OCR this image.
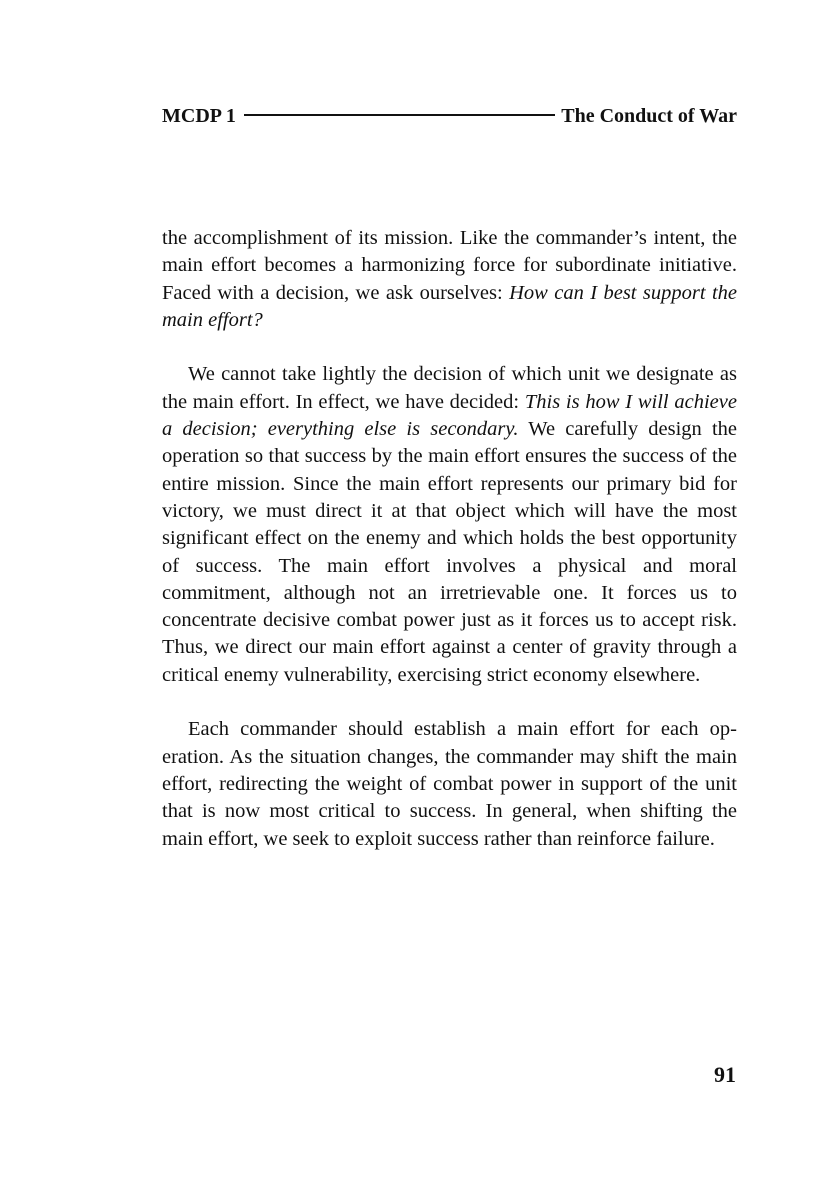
MCDP 1	The Conduct of War

the accomplishment of its mission. Like the commander’s intent, the main effort becomes a harmonizing force for subordinate initiative. Faced with a decision, we ask ourselves: How can I best support the main effort?

We cannot take lightly the decision of which unit we designate as the main effort. In effect, we have decided: This is how I will achieve a decision; everything else is secondary. We carefully design the operation so that success by the main effort ensures the success of the entire mission. Since the main effort represents our primary bid for victory, we must direct it at that object which will have the most significant effect on the enemy and which holds the best opportunity of success. The main effort involves a physical and moral commitment, although not an irretrievable one. It forces us to concentrate decisive combat power just as it forces us to accept risk. Thus, we direct our main effort against a center of gravity through a critical enemy vulnerability, exercising strict economy elsewhere.

Each commander should establish a main effort for each operation. As the situation changes, the commander may shift the main effort, redirecting the weight of combat power in support of the unit that is now most critical to success. In general, when shifting the main effort, we seek to exploit success rather than reinforce failure.

91
